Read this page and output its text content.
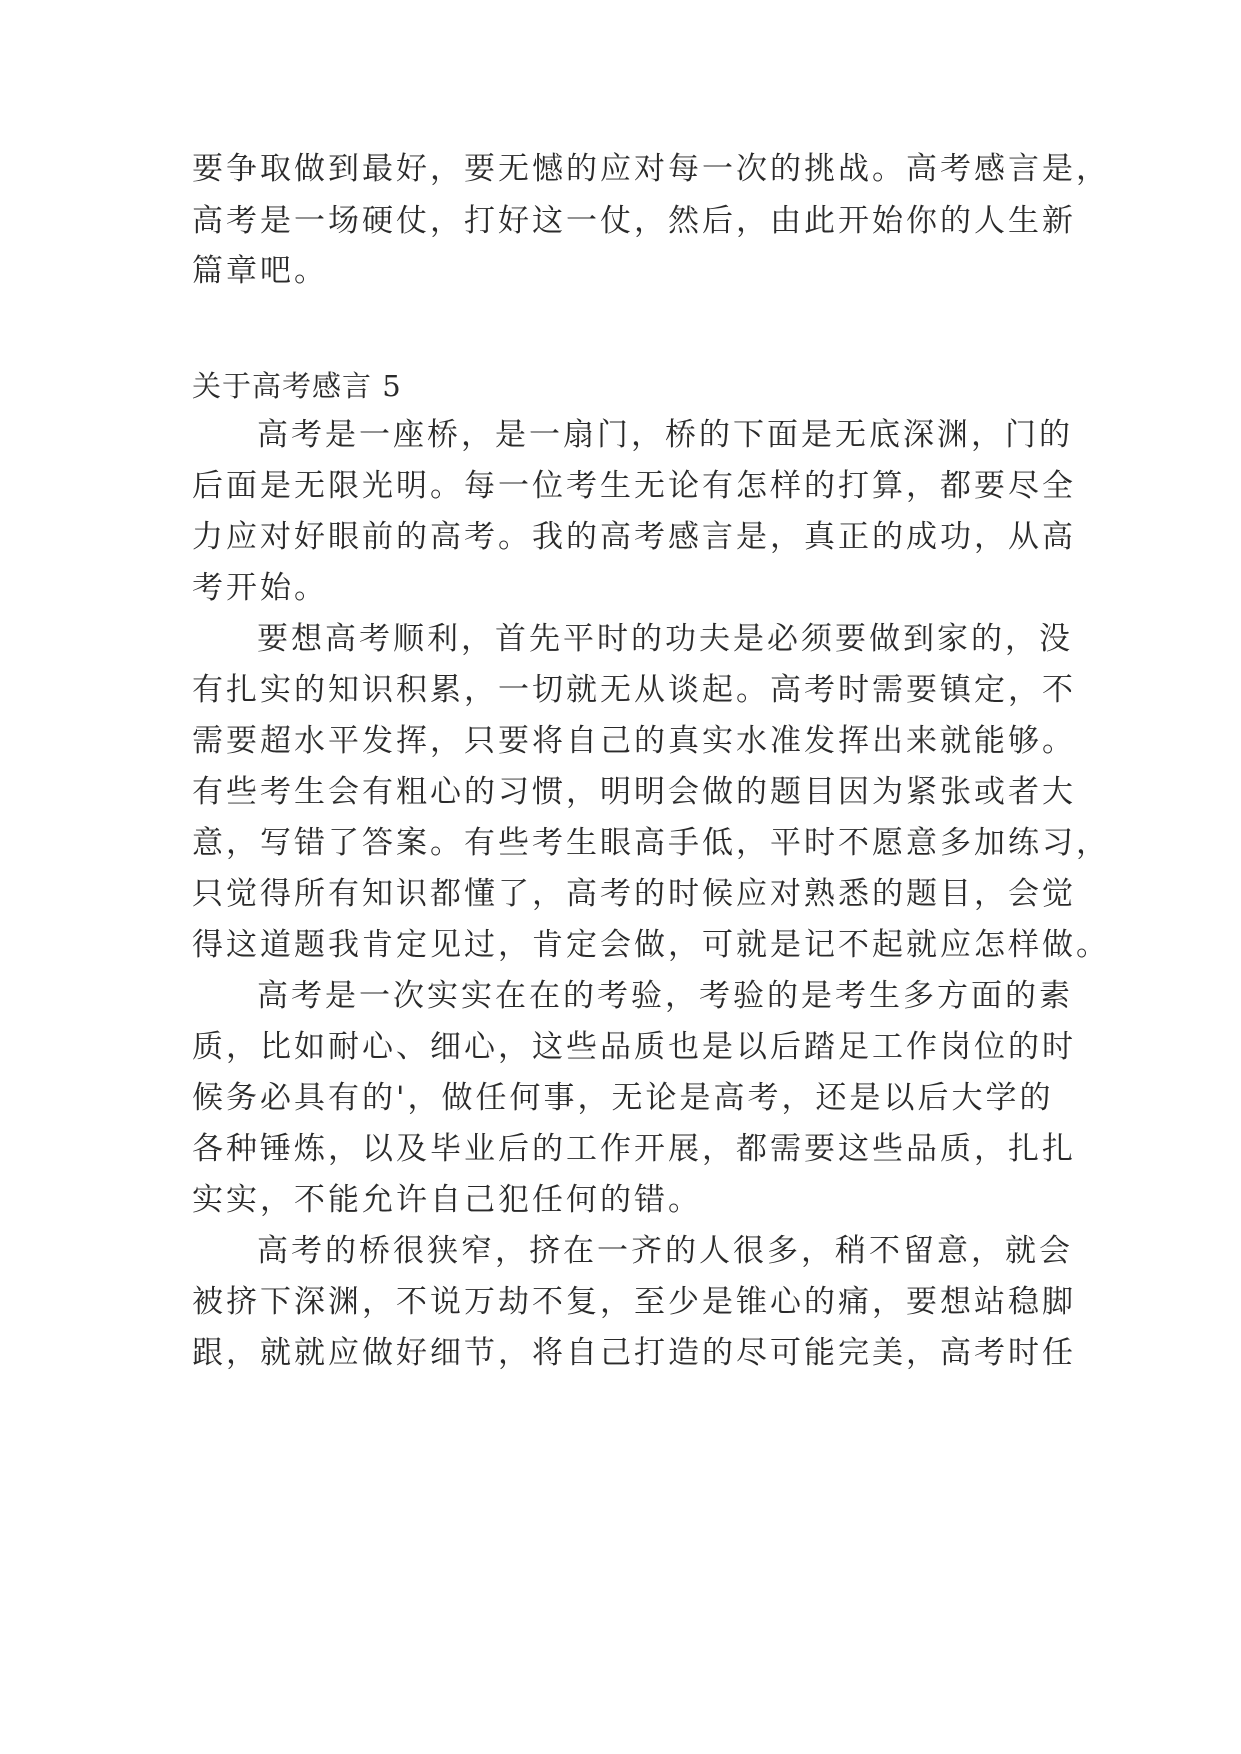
要争取做到最好，要无憾的应对每一次的挑战。高考感言是，
高考是一场硬仗，打好这一仗，然后，由此开始你的人生新
篇章吧。
关于高考感言 5
高考是一座桥，是一扇门，桥的下面是无底深渊，门的
后面是无限光明。每一位考生无论有怎样的打算，都要尽全
力应对好眼前的高考。我的高考感言是，真正的成功，从高
考开始。
要想高考顺利，首先平时的功夫是必须要做到家的，没
有扎实的知识积累，一切就无从谈起。高考时需要镇定，不
需要超水平发挥，只要将自己的真实水准发挥出来就能够。
有些考生会有粗心的习惯，明明会做的题目因为紧张或者大
意，写错了答案。有些考生眼高手低，平时不愿意多加练习，
只觉得所有知识都懂了，高考的时候应对熟悉的题目，会觉
得这道题我肯定见过，肯定会做，可就是记不起就应怎样做。
高考是一次实实在在的考验，考验的是考生多方面的素
质，比如耐心、细心，这些品质也是以后踏足工作岗位的时
候务必具有的'，做任何事，无论是高考，还是以后大学的
各种锤炼，以及毕业后的工作开展，都需要这些品质，扎扎
实实，不能允许自己犯任何的错。
高考的桥很狭窄，挤在一齐的人很多，稍不留意，就会
被挤下深渊，不说万劫不复，至少是锥心的痛，要想站稳脚
跟，就就应做好细节，将自己打造的尽可能完美，高考时任
